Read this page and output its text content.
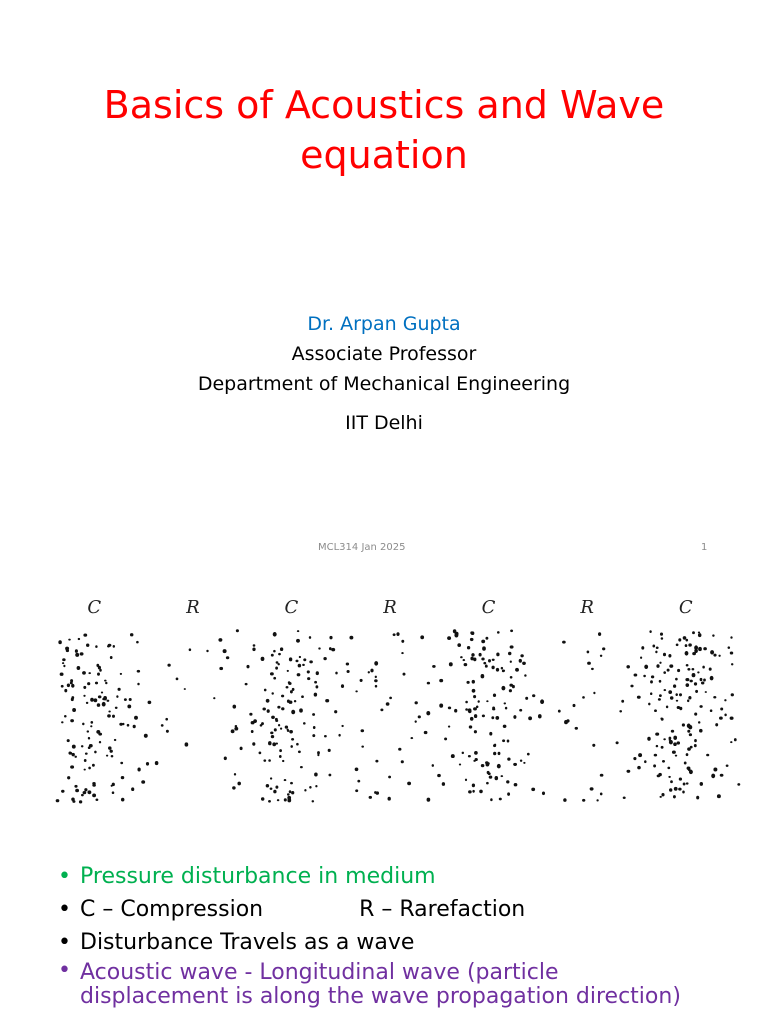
Basics of Acoustics and Wave
equation
Dr. Arpan Gupta
Associate Professor
Department of Mechanical Engineering
IIT Delhi
MCL314 Jan 2025	1
C	R	C	R	C	R	C
• Pressure disturbance in medium
• C – Compression	R – Rarefaction
• Disturbance Travels as a wave
• Acoustic wave - Longitudinal wave (particle
displacement is along the wave propagation direction)
